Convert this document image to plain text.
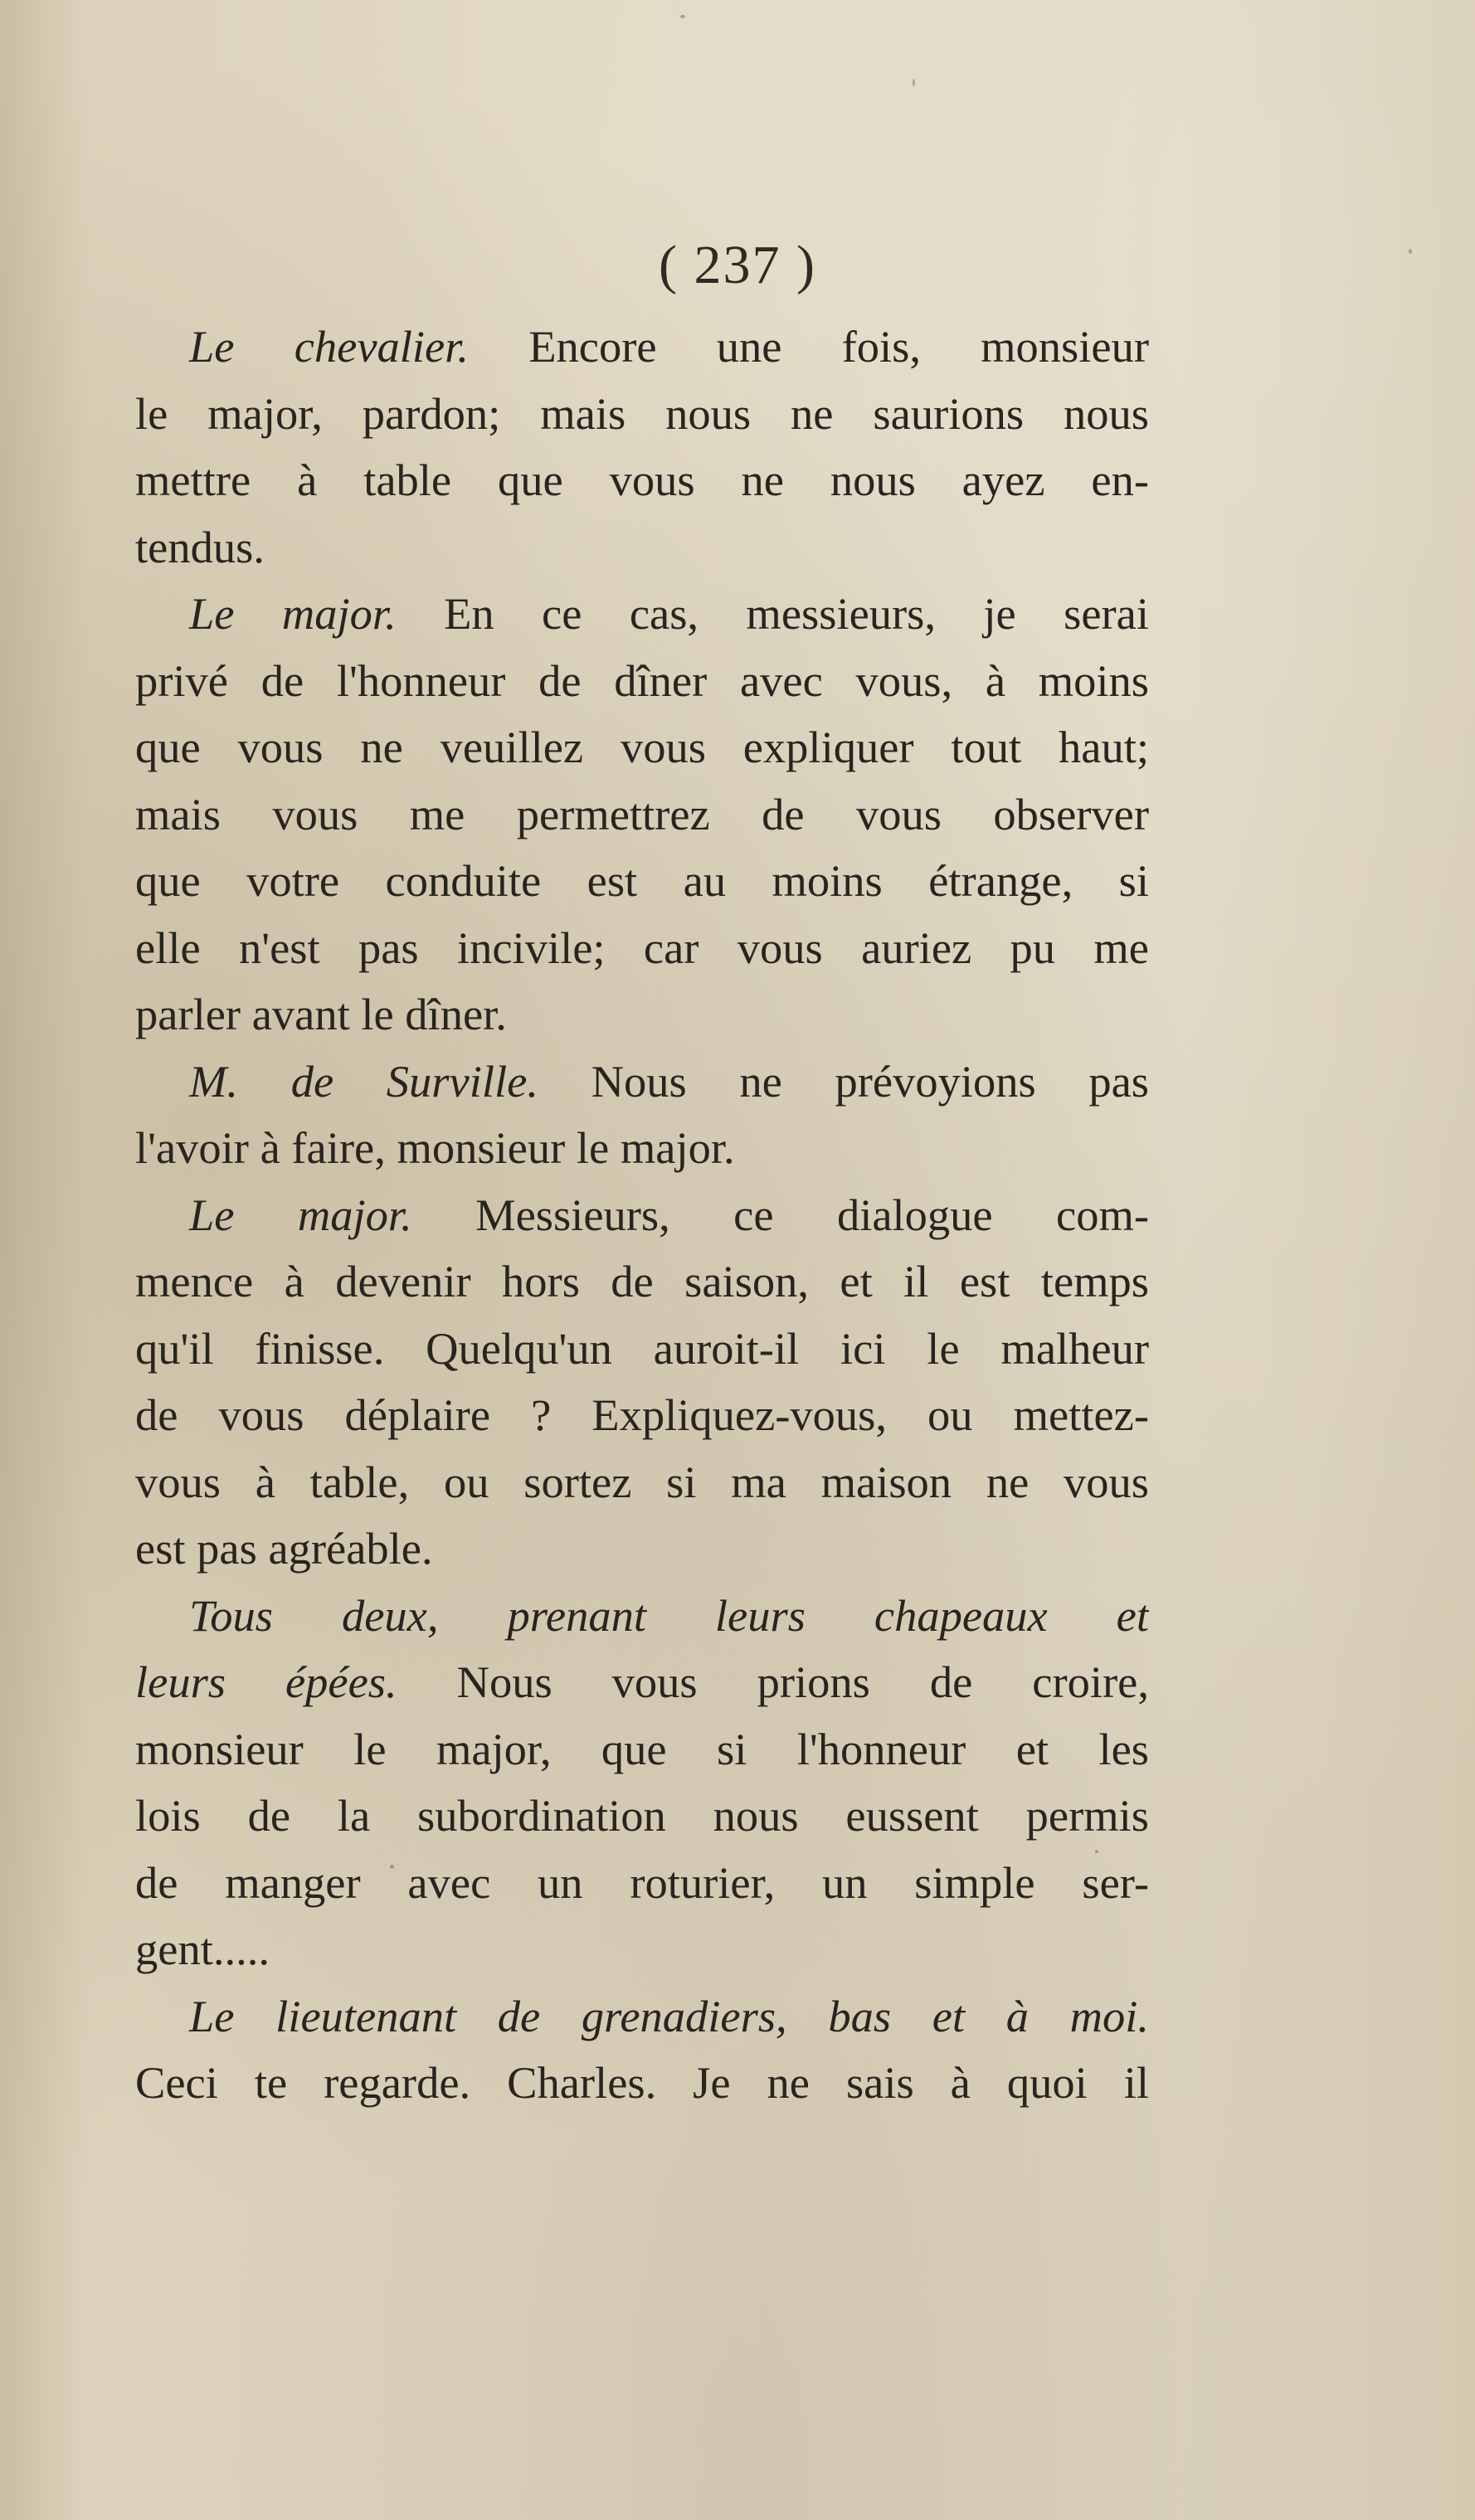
( 237 )
Le chevalier. Encore une fois, monsieur
le major, pardon; mais nous ne saurions nous
mettre à table que vous ne nous ayez en-
tendus.
Le major. En ce cas, messieurs, je serai
privé de l'honneur de dîner avec vous, à moins
que vous ne veuillez vous expliquer tout haut;
mais vous me permettrez de vous observer
que votre conduite est au moins étrange, si
elle n'est pas incivile; car vous auriez pu me
parler avant le dîner.
M. de Surville. Nous ne prévoyions pas
l'avoir à faire, monsieur le major.
Le major. Messieurs, ce dialogue com-
mence à devenir hors de saison, et il est temps
qu'il finisse. Quelqu'un auroit-il ici le malheur
de vous déplaire ? Expliquez-vous, ou mettez-
vous à table, ou sortez si ma maison ne vous
est pas agréable.
Tous deux, prenant leurs chapeaux et
leurs épées. Nous vous prions de croire,
monsieur le major, que si l'honneur et les
lois de la subordination nous eussent permis
de manger avec un roturier, un simple ser-
gent.....
Le lieutenant de grenadiers, bas et à moi.
Ceci te regarde. Charles. Je ne sais à quoi il
